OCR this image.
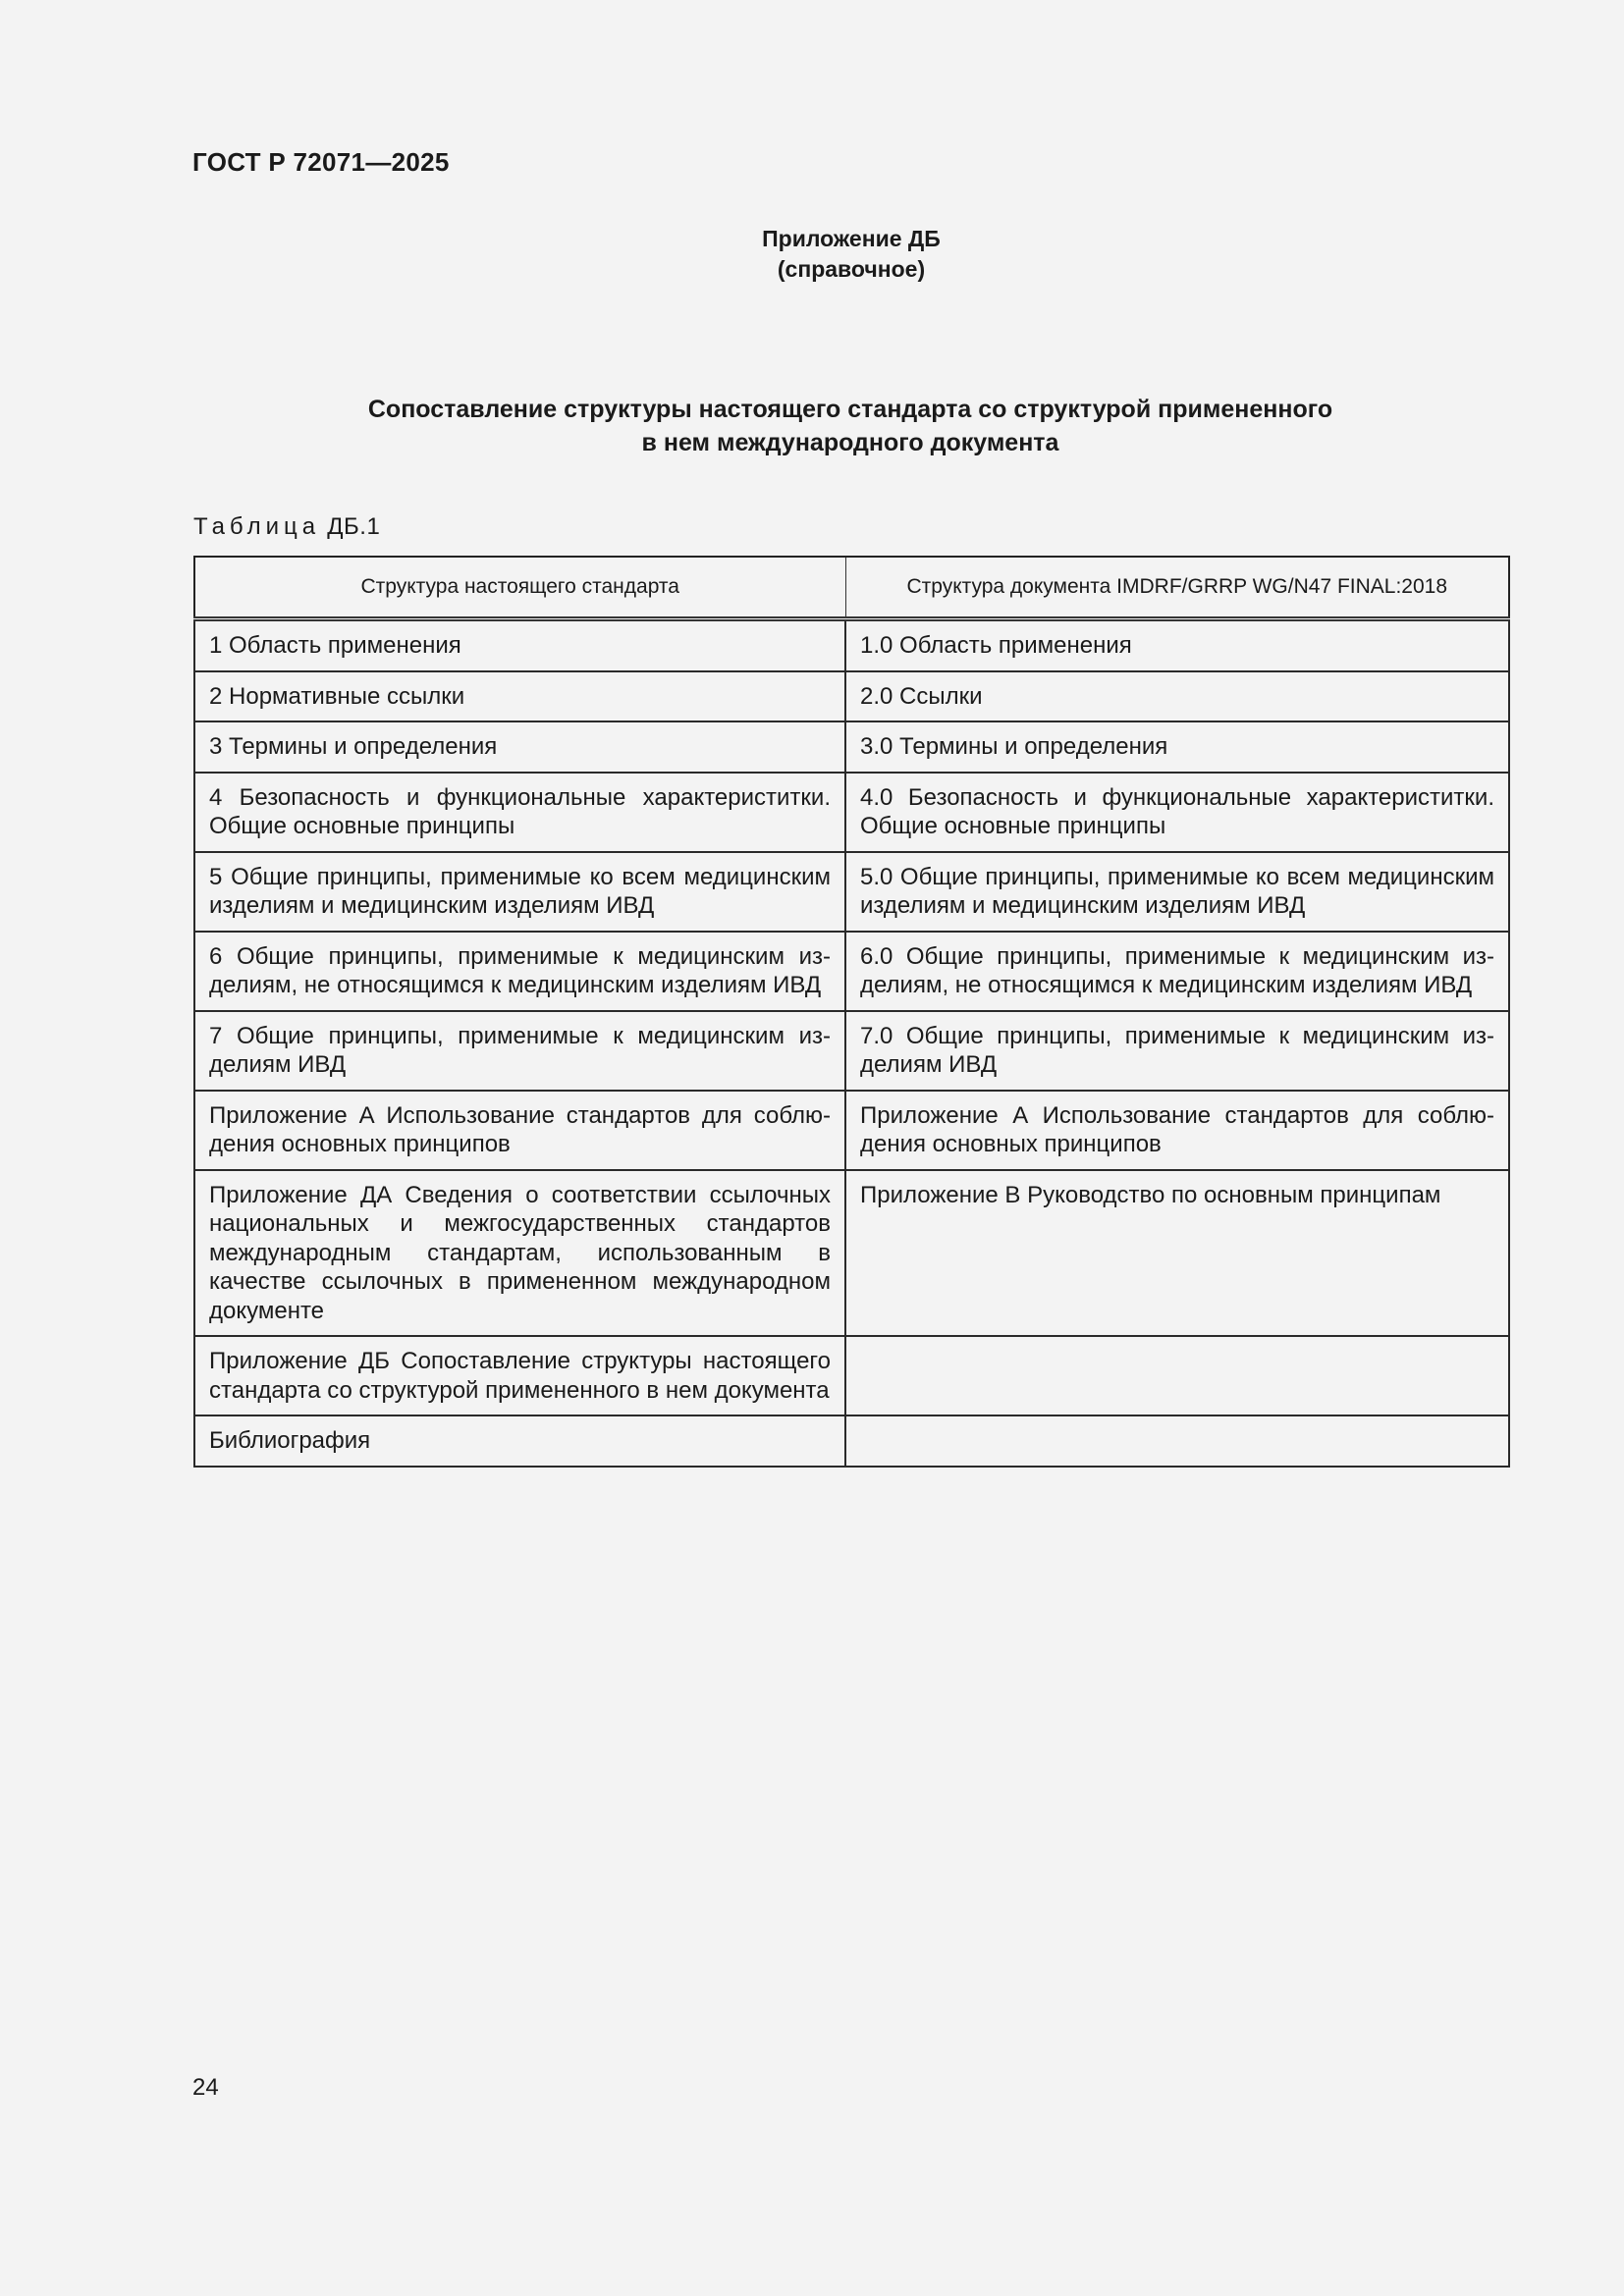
ГОСТ Р 72071—2025
Приложение ДБ
(справочное)
Сопоставление структуры настоящего стандарта со структурой примененного
в нем международного документа
Таблица ДБ.1
Структура настоящего стандарта	Структура документа IMDRF/GRRP WG/N47 FINAL:2018
1 Область применения	1.0 Область применения
2 Нормативные ссылки	2.0 Ссылки
3 Термины и определения	3.0 Термины и определения
4 Безопасность и функциональные характериститки. Общие основные принципы	4.0 Безопасность и функциональные характериститки. Общие основные принципы
5 Общие принципы, применимые ко всем медицинским изделиям и медицинским изделиям ИВД	5.0 Общие принципы, применимые ко всем медицинским изделиям и медицинским изделиям ИВД
6 Общие принципы, применимые к медицинским изделиям, не относящимся к медицинским изделиям ИВД	6.0 Общие принципы, применимые к медицинским изделиям, не относящимся к медицинским изделиям ИВД
7 Общие принципы, применимые к медицинским изделиям ИВД	7.0 Общие принципы, применимые к медицинским изделиям ИВД
Приложение А Использование стандартов для соблюдения основных принципов	Приложение А Использование стандартов для соблюдения основных принципов
Приложение ДА Сведения о соответствии ссылочных национальных и межгосударственных стандартов международным стандартам, использованным в качестве ссылочных в примененном международном документе	Приложение В Руководство по основным принципам
Приложение ДБ Сопоставление структуры настоящего стандарта со структурой примененного в нем документа	
Библиография	
24
